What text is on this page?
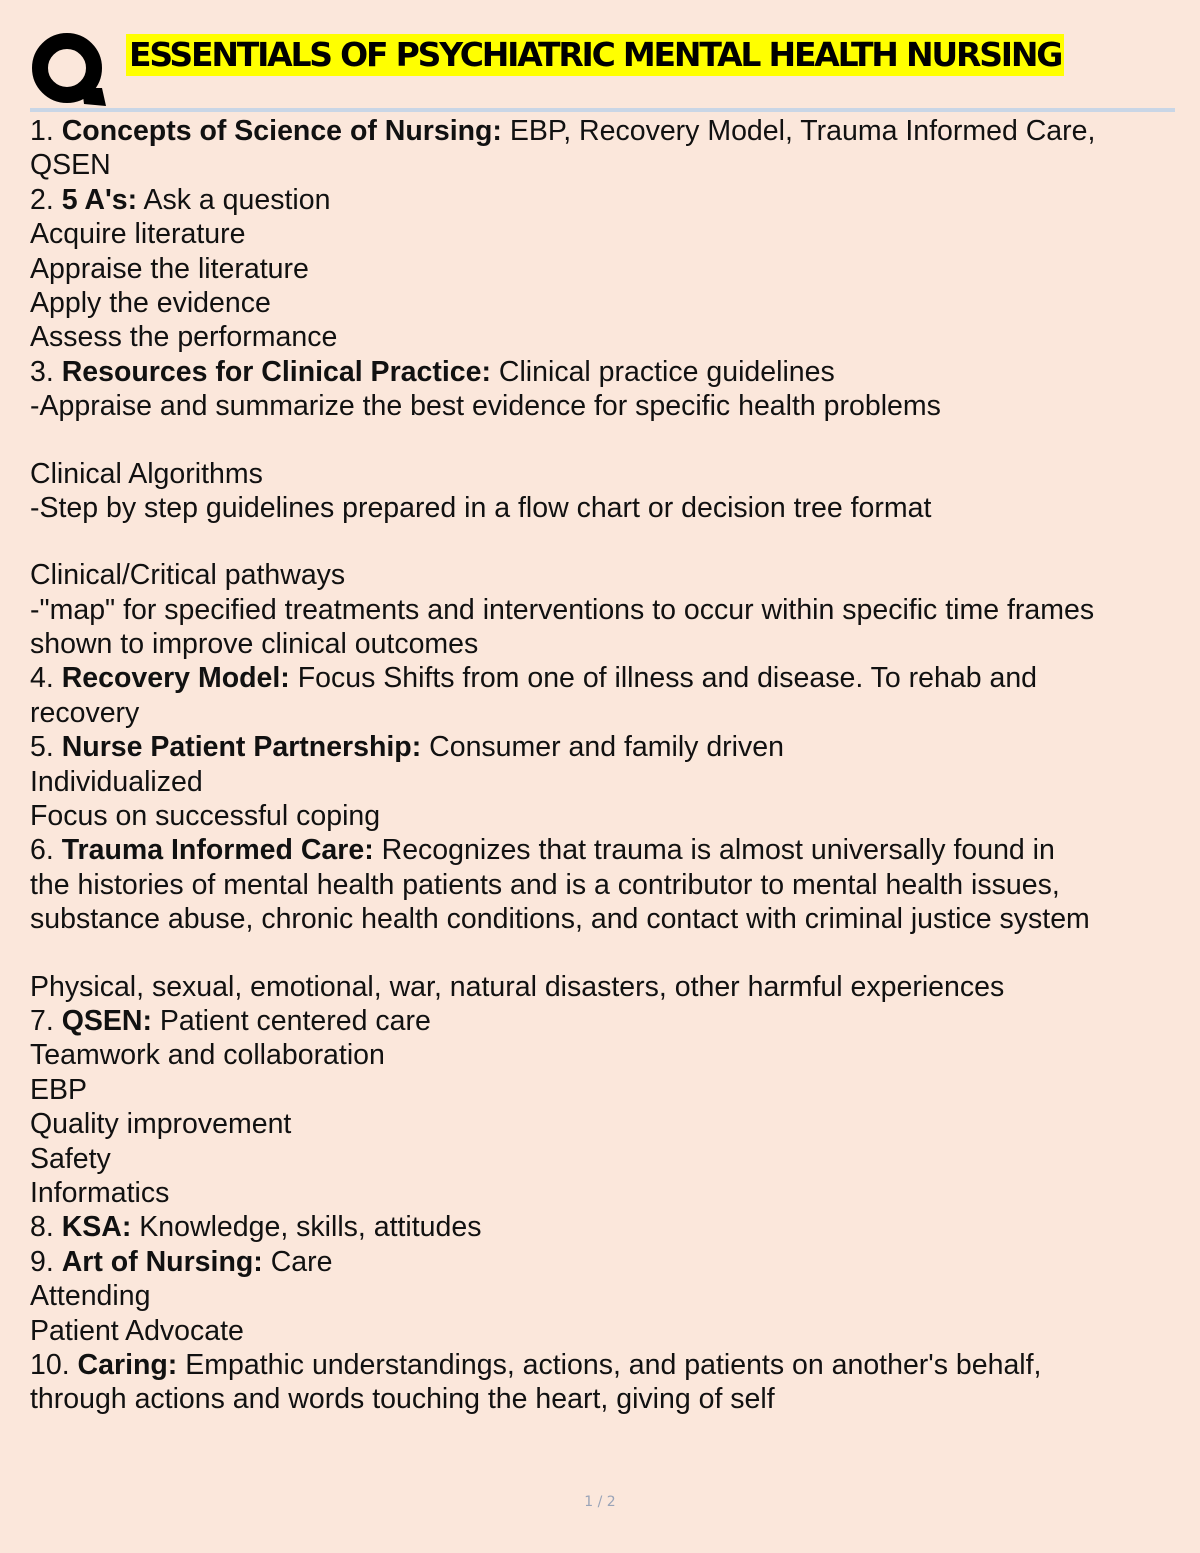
ESSENTIALS OF PSYCHIATRIC MENTAL HEALTH NURSING
1. Concepts of Science of Nursing: EBP, Recovery Model, Trauma Informed Care,
QSEN
2. 5 A's: Ask a question
Acquire literature
Appraise the literature
Apply the evidence
Assess the performance
3. Resources for Clinical Practice: Clinical practice guidelines
-Appraise and summarize the best evidence for specific health problems
Clinical Algorithms
-Step by step guidelines prepared in a flow chart or decision tree format
Clinical/Critical pathways
-"map" for specified treatments and interventions to occur within specific time frames
shown to improve clinical outcomes
4. Recovery Model: Focus Shifts from one of illness and disease. To rehab and
recovery
5. Nurse Patient Partnership: Consumer and family driven
Individualized
Focus on successful coping
6. Trauma Informed Care: Recognizes that trauma is almost universally found in
the histories of mental health patients and is a contributor to mental health issues,
substance abuse, chronic health conditions, and contact with criminal justice system
Physical, sexual, emotional, war, natural disasters, other harmful experiences
7. QSEN: Patient centered care
Teamwork and collaboration
EBP
Quality improvement
Safety
Informatics
8. KSA: Knowledge, skills, attitudes
9. Art of Nursing: Care
Attending
Patient Advocate
10. Caring: Empathic understandings, actions, and patients on another's behalf,
through actions and words touching the heart, giving of self
1 / 2
